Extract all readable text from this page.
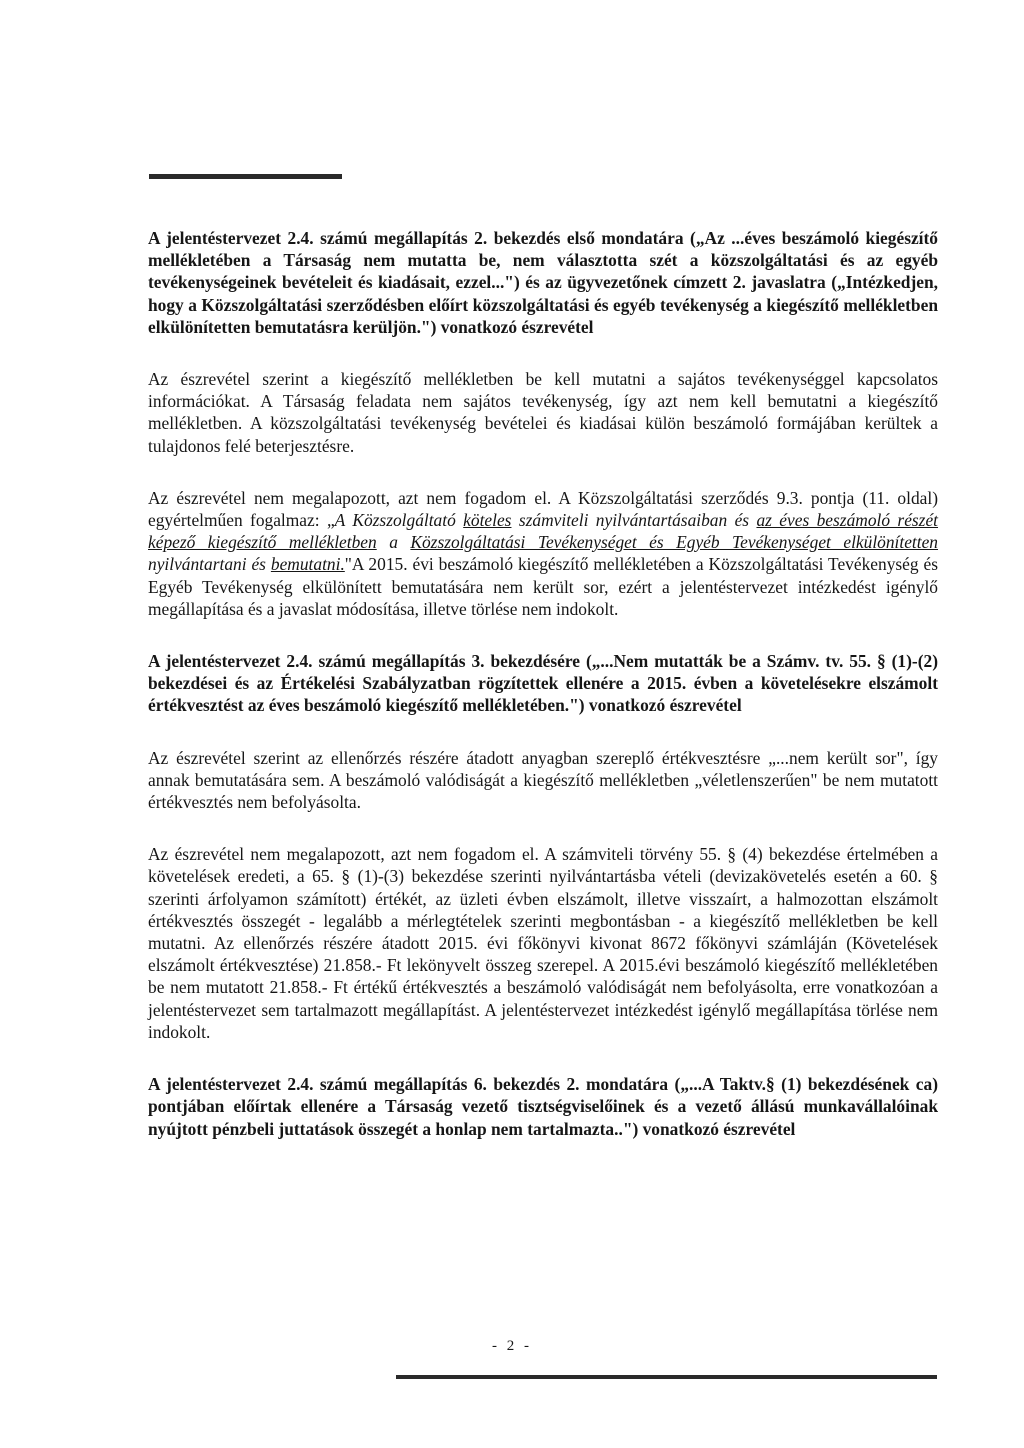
A jelentéstervezet 2.4. számú megállapítás 2. bekezdés első mondatára („Az ...éves beszámoló kiegészítő mellékletében a Társaság nem mutatta be, nem választotta szét a közszolgáltatási és az egyéb tevékenységeinek bevételeit és kiadásait, ezzel...") és az ügyvezetőnek címzett 2. javaslatra („Intézkedjen, hogy a Közszolgáltatási szerződésben előírt közszolgáltatási és egyéb tevékenység a kiegészítő mellékletben elkülönítetten bemutatásra kerüljön.") vonatkozó észrevétel

Az észrevétel szerint a kiegészítő mellékletben be kell mutatni a sajátos tevékenységgel kapcsolatos információkat. A Társaság feladata nem sajátos tevékenység, így azt nem kell bemutatni a kiegészítő mellékletben. A közszolgáltatási tevékenység bevételei és kiadásai külön beszámoló formájában kerültek a tulajdonos felé beterjesztésre.

Az észrevétel nem megalapozott, azt nem fogadom el. A Közszolgáltatási szerződés 9.3. pontja (11. oldal) egyértelműen fogalmaz: „A Közszolgáltató köteles számviteli nyilvántartásaiban és az éves beszámoló részét képező kiegészítő mellékletben a Közszolgáltatási Tevékenységet és Egyéb Tevékenységet elkülönítetten nyilvántartani és bemutatni."A 2015. évi beszámoló kiegészítő mellékletében a Közszolgáltatási Tevékenység és Egyéb Tevékenység elkülönített bemutatására nem került sor, ezért a jelentéstervezet intézkedést igénylő megállapítása és a javaslat módosítása, illetve törlése nem indokolt.

A jelentéstervezet 2.4. számú megállapítás 3. bekezdésére („...Nem mutatták be a Számv. tv. 55. § (1)-(2) bekezdései és az Értékelési Szabályzatban rögzítettek ellenére a 2015. évben a követelésekre elszámolt értékvesztést az éves beszámoló kiegészítő mellékletében.") vonatkozó észrevétel

Az észrevétel szerint az ellenőrzés részére átadott anyagban szereplő értékvesztésre „...nem került sor", így annak bemutatására sem. A beszámoló valódiságát a kiegészítő mellékletben „véletlenszerűen" be nem mutatott értékvesztés nem befolyásolta.

Az észrevétel nem megalapozott, azt nem fogadom el. A számviteli törvény 55. § (4) bekezdése értelmében a követelések eredeti, a 65. § (1)-(3) bekezdése szerinti nyilvántartásba vételi (devizakövetelés esetén a 60. § szerinti árfolyamon számított) értékét, az üzleti évben elszámolt, illetve visszaírt, a halmozottan elszámolt értékvesztés összegét - legalább a mérlegtételek szerinti megbontásban - a kiegészítő mellékletben be kell mutatni. Az ellenőrzés részére átadott 2015. évi főkönyvi kivonat 8672 főkönyvi számláján (Követelések elszámolt értékvesztése) 21.858.- Ft lekönyvelt összeg szerepel. A 2015.évi beszámoló kiegészítő mellékletében be nem mutatott 21.858.- Ft értékű értékvesztés a beszámoló valódiságát nem befolyásolta, erre vonatkozóan a jelentéstervezet sem tartalmazott megállapítást. A jelentéstervezet intézkedést igénylő megállapítása törlése nem indokolt.

A jelentéstervezet 2.4. számú megállapítás 6. bekezdés 2. mondatára („...A Taktv.§ (1) bekezdésének ca) pontjában előírtak ellenére a Társaság vezető tisztségviselőinek és a vezető állású munkavállalóinak nyújtott pénzbeli juttatások összegét a honlap nem tartalmazta..") vonatkozó észrevétel

- 2 -
